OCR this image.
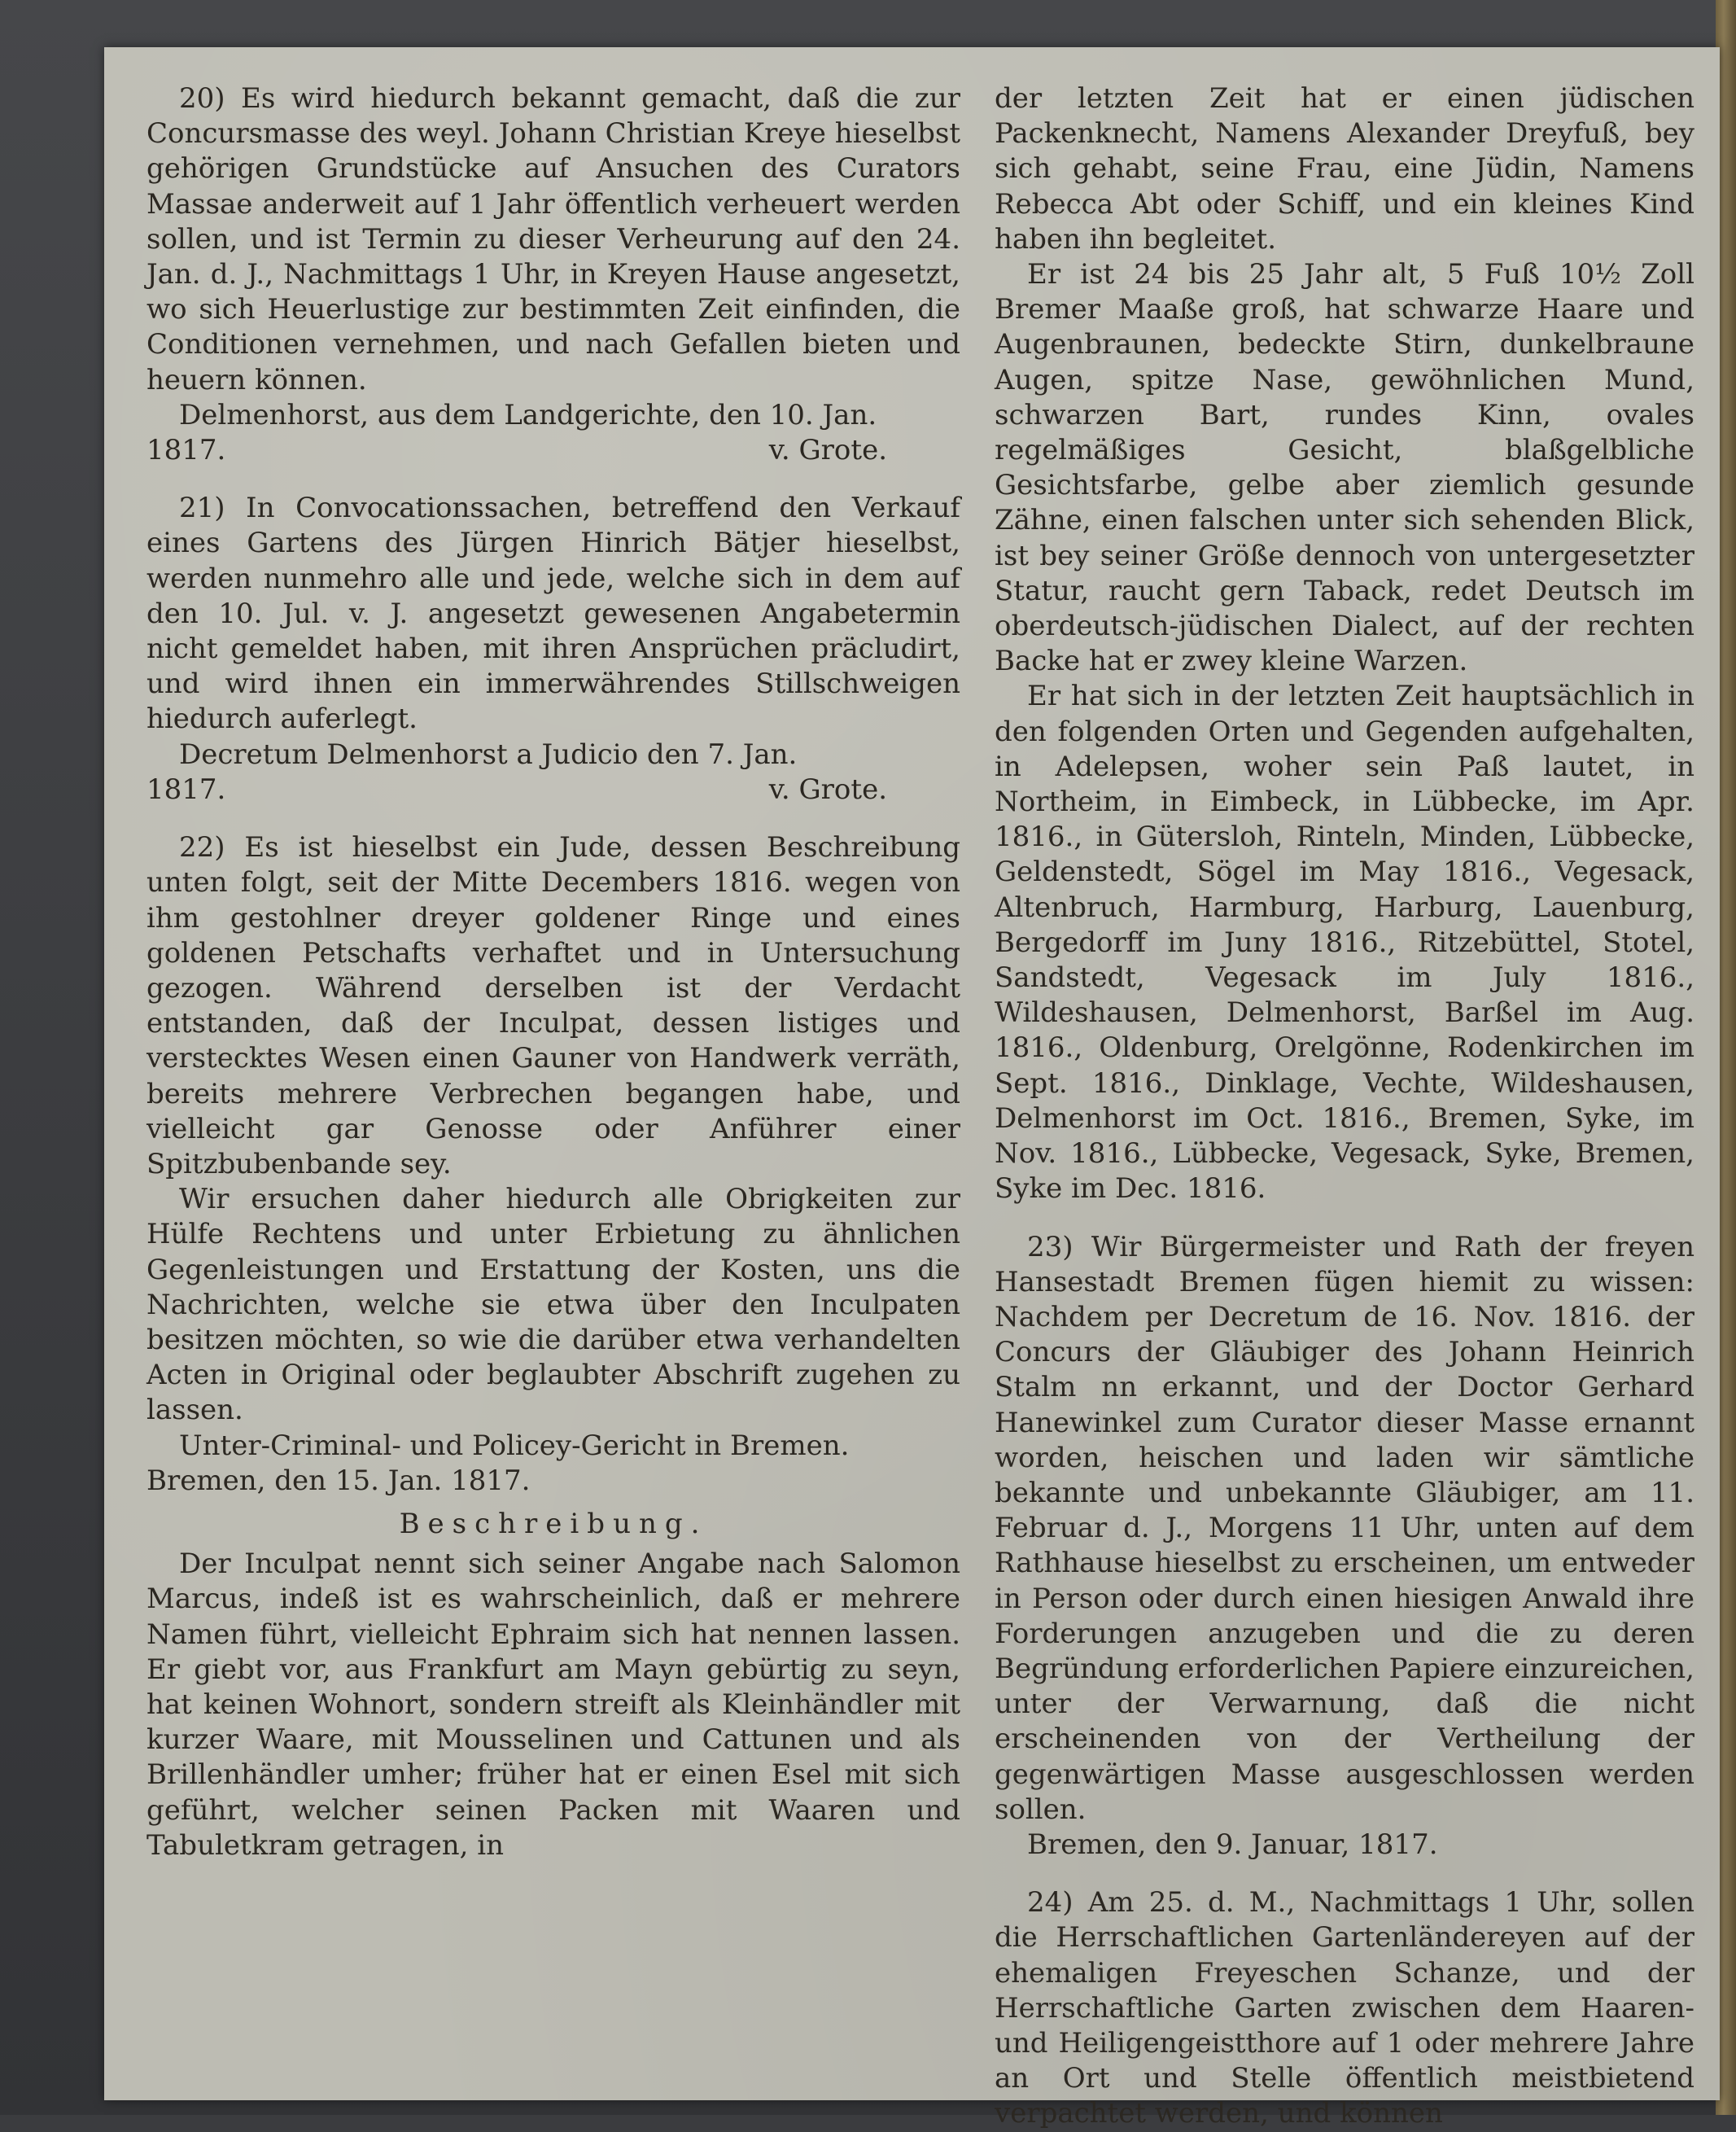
20) Es wird hiedurch bekannt gemacht, daß die zur Concursmasse des weyl. Johann Christian Kreye hieselbst gehörigen Grundstücke auf Ansuchen des Curators Massae anderweit auf 1 Jahr öffentlich verheuert werden sollen, und ist Termin zu dieser Verheurung auf den 24. Jan. d. J., Nachmittags 1 Uhr, in Kreyen Hause angesetzt, wo sich Heuerlustige zur bestimmten Zeit einfinden, die Conditionen vernehmen, und nach Gefallen bieten und heuern können.

Delmenhorst, aus dem Landgerichte, den 10. Jan.

1817.	v. Grote.

21) In Convocationssachen, betreffend den Verkauf eines Gartens des Jürgen Hinrich Bätjer hieselbst, werden nunmehro alle und jede, welche sich in dem auf den 10. Jul. v. J. angesetzt gewesenen Angabetermin nicht gemeldet haben, mit ihren Ansprüchen präcludirt, und wird ihnen ein immerwährendes Stillschweigen hiedurch auferlegt.

Decretum Delmenhorst a Judicio den 7. Jan.

1817.	v. Grote.

22) Es ist hieselbst ein Jude, dessen Beschreibung unten folgt, seit der Mitte Decembers 1816. wegen von ihm gestohlner dreyer goldener Ringe und eines goldenen Petschafts verhaftet und in Untersuchung gezogen. Während derselben ist der Verdacht entstanden, daß der Inculpat, dessen listiges und verstecktes Wesen einen Gauner von Handwerk verräth, bereits mehrere Verbrechen begangen habe, und vielleicht gar Genosse oder Anführer einer Spitzbubenbande sey.

Wir ersuchen daher hiedurch alle Obrigkeiten zur Hülfe Rechtens und unter Erbietung zu ähnlichen Gegenleistungen und Erstattung der Kosten, uns die Nachrichten, welche sie etwa über den Inculpaten besitzen möchten, so wie die darüber etwa verhandelten Acten in Original oder beglaubter Abschrift zugehen zu lassen.

Unter-Criminal- und Policey-Gericht in Bremen.

Bremen, den 15. Jan. 1817.

Beschreibung.

Der Inculpat nennt sich seiner Angabe nach Salomon Marcus, indeß ist es wahrscheinlich, daß er mehrere Namen führt, vielleicht Ephraim sich hat nennen lassen. Er giebt vor, aus Frankfurt am Mayn gebürtig zu seyn, hat keinen Wohnort, sondern streift als Kleinhändler mit kurzer Waare, mit Mousselinen und Cattunen und als Brillenhändler umher; früher hat er einen Esel mit sich geführt, welcher seinen Packen mit Waaren und Tabuletkram getragen, in

der letzten Zeit hat er einen jüdischen Packenknecht, Namens Alexander Dreyfuß, bey sich gehabt, seine Frau, eine Jüdin, Namens Rebecca Abt oder Schiff, und ein kleines Kind haben ihn begleitet.

Er ist 24 bis 25 Jahr alt, 5 Fuß 10½ Zoll Bremer Maaße groß, hat schwarze Haare und Augenbraunen, bedeckte Stirn, dunkelbraune Augen, spitze Nase, gewöhnlichen Mund, schwarzen Bart, rundes Kinn, ovales regelmäßiges Gesicht, blaßgelbliche Gesichtsfarbe, gelbe aber ziemlich gesunde Zähne, einen falschen unter sich sehenden Blick, ist bey seiner Größe dennoch von untergesetzter Statur, raucht gern Taback, redet Deutsch im oberdeutsch-jüdischen Dialect, auf der rechten Backe hat er zwey kleine Warzen.

Er hat sich in der letzten Zeit hauptsächlich in den folgenden Orten und Gegenden aufgehalten, in Adelepsen, woher sein Paß lautet, in Northeim, in Eimbeck, in Lübbecke, im Apr. 1816., in Gütersloh, Rinteln, Minden, Lübbecke, Geldenstedt, Sögel im May 1816., Vegesack, Altenbruch, Harmburg, Harburg, Lauenburg, Bergedorff im Juny 1816., Ritzebüttel, Stotel, Sandstedt, Vegesack im July 1816., Wildeshausen, Delmenhorst, Barßel im Aug. 1816., Oldenburg, Orelgönne, Rodenkirchen im Sept. 1816., Dinklage, Vechte, Wildeshausen, Delmenhorst im Oct. 1816., Bremen, Syke, im Nov. 1816., Lübbecke, Vegesack, Syke, Bremen, Syke im Dec. 1816.

23) Wir Bürgermeister und Rath der freyen Hansestadt Bremen fügen hiemit zu wissen: Nachdem per Decretum de 16. Nov. 1816. der Concurs der Gläubiger des Johann Heinrich Stalm nn erkannt, und der Doctor Gerhard Hanewinkel zum Curator dieser Masse ernannt worden, heischen und laden wir sämtliche bekannte und unbekannte Gläubiger, am 11. Februar d. J., Morgens 11 Uhr, unten auf dem Rathhause hieselbst zu erscheinen, um entweder in Person oder durch einen hiesigen Anwald ihre Forderungen anzugeben und die zu deren Begründung erforderlichen Papiere einzureichen, unter der Verwarnung, daß die nicht erscheinenden von der Vertheilung der gegenwärtigen Masse ausgeschlossen werden sollen.

Bremen, den 9. Januar, 1817.

24) Am 25. d. M., Nachmittags 1 Uhr, sollen die Herrschaftlichen Gartenländereyen auf der ehemaligen Freyeschen Schanze, und der Herrschaftliche Garten zwischen dem Haaren- und Heiligengeistthore auf 1 oder mehrere Jahre an Ort und Stelle öffentlich meistbietend verpachtet werden, und können
